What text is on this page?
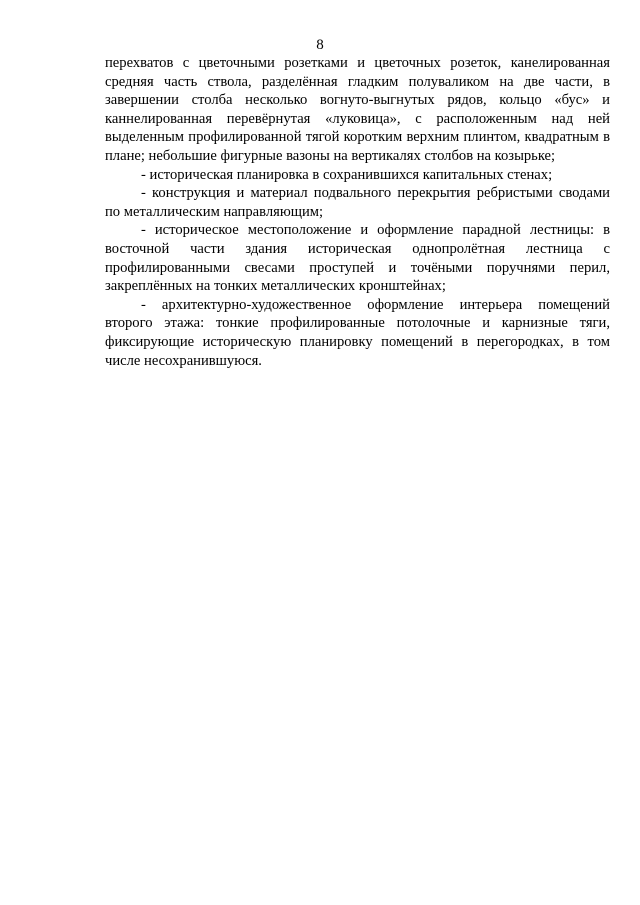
8

перехватов с цветочными розетками и цветочных розеток, канелированная средняя часть ствола, разделённая гладким полуваликом на две части, в завершении столба несколько вогнуто-выгнутых рядов, кольцо «бус» и каннелированная перевёрнутая «луковица», с расположенным над ней выделенным профилированной тягой коротким верхним плинтом, квадратным в плане; небольшие фигурные вазоны на вертикалях столбов на козырьке;

- историческая планировка в сохранившихся капитальных стенах;

- конструкция и материал подвального перекрытия ребристыми сводами по металлическим направляющим;

- историческое местоположение и оформление парадной лестницы: в восточной части здания историческая однопролётная лестница с профилированными свесами проступей и точёными поручнями перил, закреплённых на тонких металлических кронштейнах;

- архитектурно-художественное оформление интерьера помещений второго этажа: тонкие профилированные потолочные и карнизные тяги, фиксирующие историческую планировку помещений в перегородках, в том числе несохранившуюся.
